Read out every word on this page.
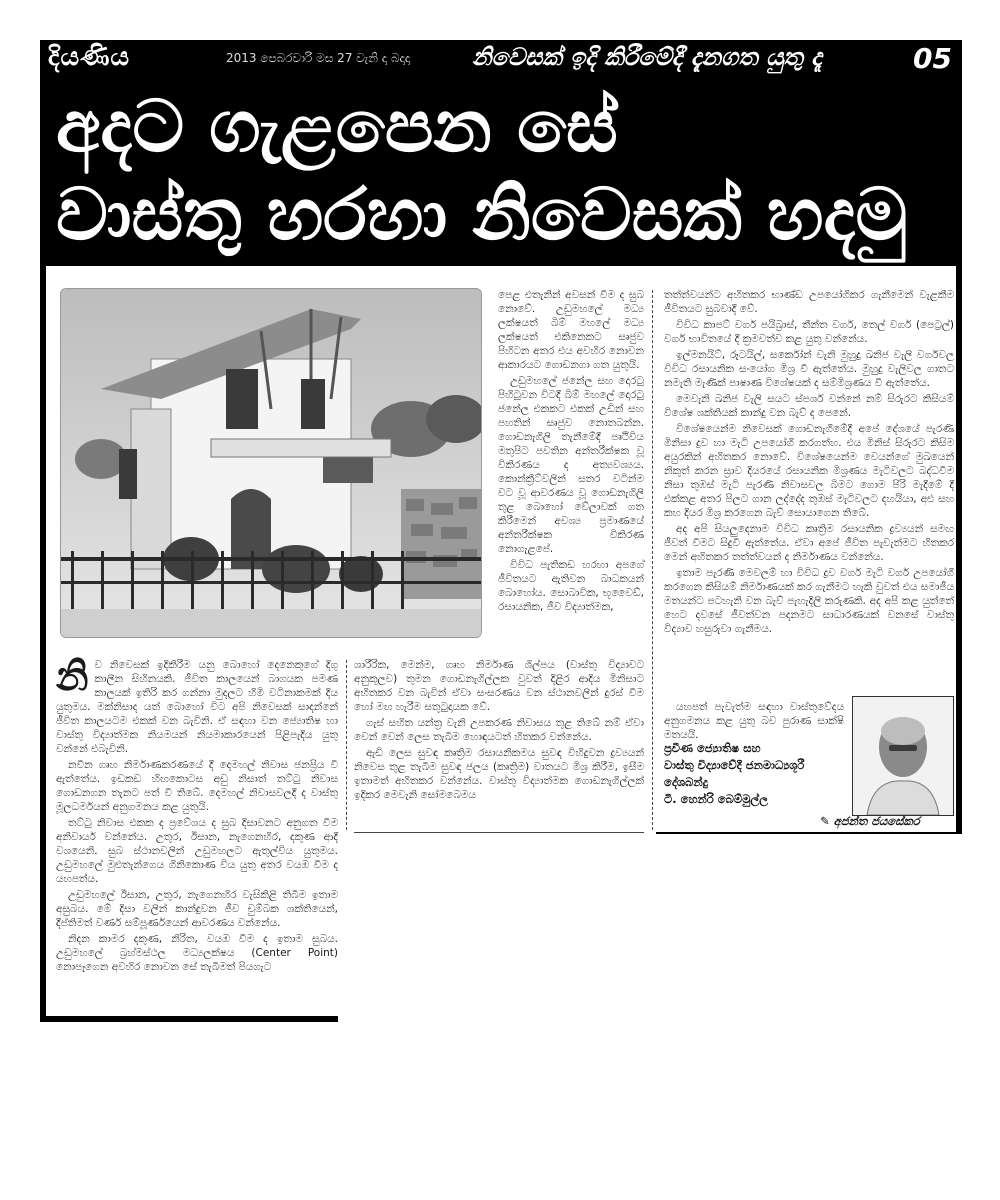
දියණිය	2013 පෙබරවාරි මස 27 වැනි දා බදාදා	නිවෙසක් ඉදි කිරීමේදී දැනගත යුතු දෑ	05
අදට ගැළපෙන සේ
වාස්තු හරහා නිවෙසක් හදමු

පෙළ එතැනින් අවසන් වීම ද සුබ නොවේ. උඩුමහලේ මධ්‍ය ලක්ෂයත් බිම් මහලේ මධ්‍ය ලක්ෂයත් එකිනෙකට සෘජුව පිහිටන අතර එය අවහිර නොවන ආකාරයට ගොඩනගා ගත යුතුයි.

උඩුමහලේ ජනේල සහ දොරටු පිහිටුවන විටදී බිම් මහලේ දොරටු ජනේල එකකට එකක් උඩින් සහ පහතින් සෘජුව නොතබන්න. ගොඩනැගිලි තැනීමේදී පෘථිවිය මතුපිට පවතින අන්තරීක්ෂක වූ විකිරණය ද අත්‍යවශ්‍යය. කොන්ක්‍රීට්වලින් සතර වටින්ම වට වූ ආවරණය වූ ගොඩනැගිලි තුළ බොහෝ වේලාවක් ගත කිරීමෙන් අවශ්‍ය ප්‍රමාණයේ අන්තරීක්ෂක විකිරණ නොගැළපේ.

විවිධ පැතිකඩ හරහා අපගේ ජීවිතයට ඇතිවන බාධකයන් බොහෝය. සොබාවික, භූවෛඩ්, රසායනික, ජීව විද්‍යාත්මක,

තත්ත්වයන්ට අහිතකර භාණ්ඩ උපයෝගිකර ගැනීමෙන් වැළකීම ජීවිතයට සුබවාදී වේ.

විවිධ කාපට් වර්ග පයිබ්‍රාස්, තීන්ත වර්ග, තෙල් වර්ග (පෙට්‍රල්) වර්ග භාවිතයේ දී ක්‍රමවත්ව කළ යුතු වන්නේය.

ඉල්මනයිට්, රූටයිල්, සර්කෝන් වැනි මුහුදු ඛනිජ වැලි වර්ගවල විවිධ රසායනික සංයෝග මිශ්‍ර වී ඇත්තේය. මුහුදු වැලිවල ගාතට නමැති මැණික් පාෂාණ විශේෂයක් ද සම්මිශ්‍රණය වී ඇත්තේය.

මෙවැනි ඛනිජ වැලි සයට ස්පර්ශ වන්නේ නම් සිරුරට කිසියම් විශේෂ ශක්තියක් කාන්දු වන බැව් ද පෙනේ.

විශේෂයෙන්ම නිවෙසක් ගොඩනැගීමේදී අපේ දේශයේ පැරණි මිනිසා ද්‍රව හා මැටි උපයෝගී කරගත්හ. එය මිනිස් සිරුරට කිසිම අයුරකින් අහිතකර නොවේ. විශේෂයෙන්ම වෙයන්ගේ මුඛයෙන් නිකුත් කරන ස්‍රාව දියරයේ රසායනික මිශ්‍රණය මැටිවලට බද්ධවීම නිසා තුඹස් මැටි පැරණි නිවාසවල බිමට ගොම පිරි මැදීමේ දී එක්කළ අතර පිලට ගාන ලද්දේද තුඹස් මැටිවලට දහයියා, අළු සහ කහ දියර මිශ්‍ර කරගෙන බැව් සොයාගෙන තිබේ.

අද අපි සියලුදෙනාම විවිධ කෘත්‍රිම රසායනික ද්‍රව්‍යයන් සමඟ ජීවත් වීමට සිදුවී ඇත්තේය. ඒවා අපේ ජීවිත පැවැත්මට හිතකර මෙන් අහිතකර තත්ත්වයන් ද නිර්මාණය වන්නේය.

ඉතාම පැරණි මෙවලම් හා විවිධ ද්‍රව වර්ග මැටි වර්ග උපයෝගී කරගෙන කිසියම් නිර්මාණයක් කර ගැනීමට හැකි වුවත් එය සමාජීය මතයන්ට පටහැනි වන බැව් පැහැදිලි කරුණකි. අද අපි කළ යුත්තේ හෙට දවසේ ජීවත්වන පදනමට සාධාරණයක් වනසේ වාස්තු විද්‍යාව හසුරුවා ගැනීමය.

යහපත් පැවැත්ම සඳහා වාස්තුවේදය අනුගමනය කළ යුතු බව පුරාණ සාක්ෂි මතයයි.

නි ව නිවෙසක් ඉදිකිරීම යනු බොහෝ දෙනෙකුගේ දිගු කාලීන සිහිනයකි. ජීවිත කාලයෙන් බාගයක පමණ කාලයක් ඉතිරි කර ගන්නා මුදලට හිමි වටිනාකමක් දිය යුතුමය. මක්නිසාද යත් බොහෝ විට අපි නිවෙසක් සාදන්නේ ජීවිත කාලයටම එකක් වන බැවිනි. ඒ සඳහා වන ජ්‍යොතිෂ හා වාස්තු විද්‍යාත්මක නියමයන් නියමාකාරයෙන් පිළිපැදිය යුතු වන්නේ එබැවිනි.

නවීන ගෘහ නිර්මාණකරණයේ දී දෙමහල් නිවාස ජනප්‍රිය වී ඇත්තේය. ඉඩකඩ හිඟකොටස අඩු නිසාත් තට්ටු නිවාස ගොඩනගන තැනට පත් වී තිබේ. දෙමහල් නිවාසවලදී ද වාස්තු මූලධර්මයන් අනුගමනය කළ යුතුයි.

තට්ටු නිවාස එකක ද ප්‍රවේශය ද සුබ දිසාවනට අනුගත වීම අනිවාර්ය වන්නේය. උතුර, ඊසාන, නැගෙනහිර, දකුණ ආදී වශයෙනි. සුබ ස්ථානවලින් උඩුමහලට ඇතුල්විය යුතුමය. උඩුමහලේ මුළුතැන්ගෙය ගිනිකොණ විය යුතු අතර වයඹ වීම ද යහපත්ය.

උඩුමහලේ ඊසාන, උතුර, නැගෙනහිර වැසිකිළි තිබීම ඉතාම අසුබය. මේ දිසා වලින් කාන්දුවන ජීව චුම්බක ශක්තියෙන්, දීප්තිමත් වර්ණ සම්පූර්ණයෙන් ආවරණය වන්නේය.

නිදන කාමර දකුණ, නිරිත, වයඹ වීම ද ඉතාම සුබය. උඩුමහලේ බ්‍රහ්මස්ථල මධ්‍යලක්ෂය (Center Point) නොපෑගෙන අවහිර නොවන සේ තැබීමත් පියගැට

ශාරීරික, මෙන්ම, ගෘහ නිර්මාණ ශිල්පය (වාස්තු විද්‍යාවට අනුකූලව) තුමන ගොඩනැගිල්ලක වුවත් දිළිර ආදිය මිනිසාට අහිතකර වන බැවින් ඒවා සංසරණය වන ස්ථානවලින් දුරස් වීම හෝ මඟ හැරීම සතුටුදායක වේ.

ගැස් සහිත යන්ත්‍ර වැනි උපකරණ නිවාසය තුළ තිබේ නම් ඒවා වෙන් වෙන් ලෙස තැබීම හොඳයටත් හිතකර වන්නේය.

ඇඩි ලෙස සුවඳ කෘත්‍රිම රසායනිකමය සුවඳ විහිදුවන ද්‍රව්‍යයන් නිවෙස තුළ තැබීම සුවඳ ජලය (කෘත්‍රිම) වාතයට මිශ්‍ර කිරීම, ඉසීම ඉතාමත් අහිතකර වන්නේය. වාස්තු විද්‍යාත්මක ගොඩනැගිල්ලක් ඉදිකර මෙවැනි සෝමබෙමය

ප්‍රවීණ ජ්‍යොතිෂ සහ
වාස්තු විද්‍යාවේදී ජනමාධ්‍යශූරී
දේශබන්දු
ටී. හෙන්රි බෙම්මුල්ල
✎ අජන්ත ජයසේකර
